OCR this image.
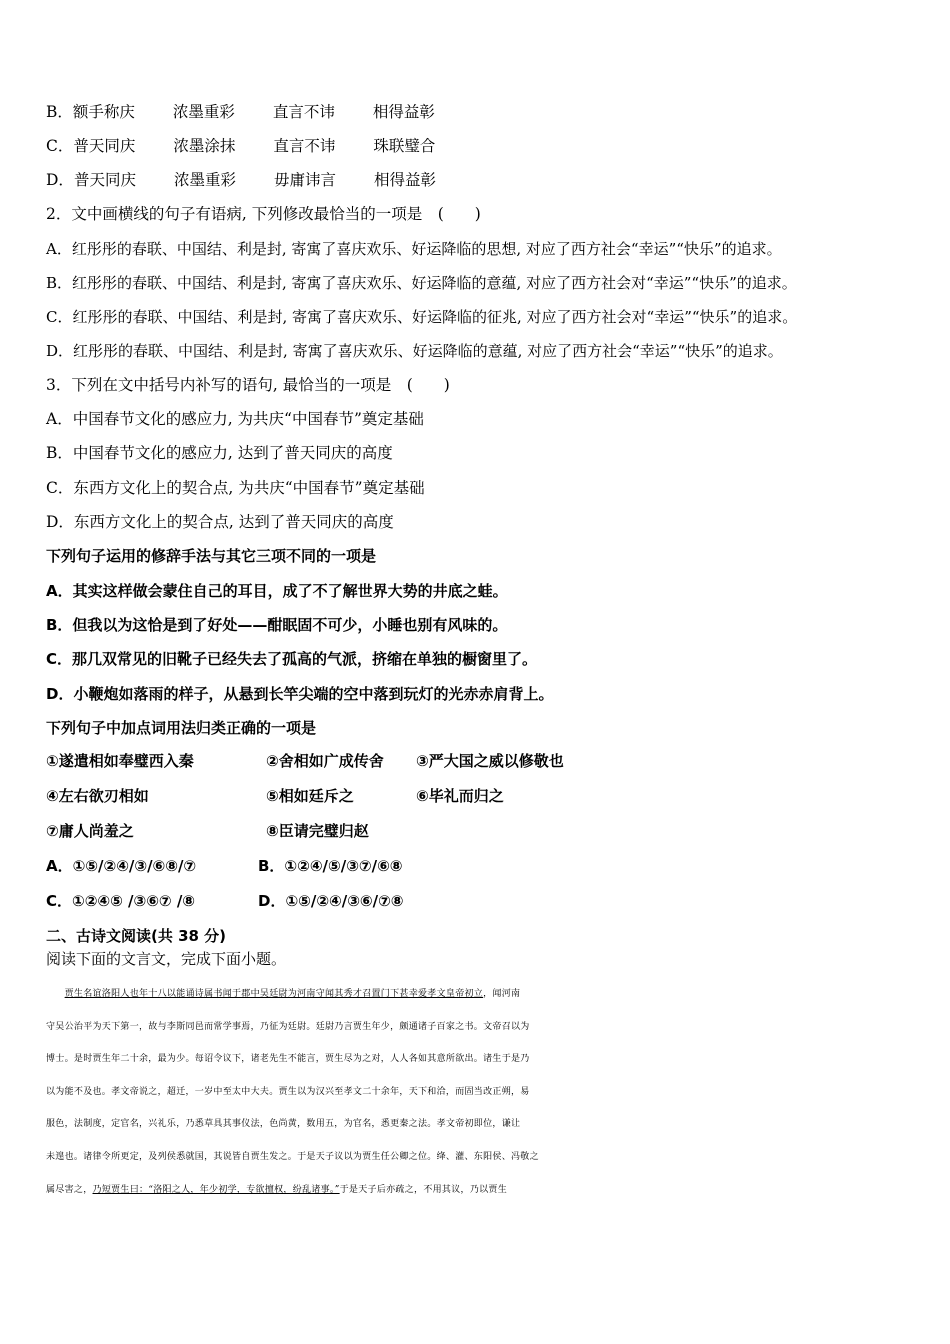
B．额手称庆 浓墨重彩 直言不讳 相得益彰
C．普天同庆 浓墨涂抹 直言不讳 珠联璧合
D．普天同庆 浓墨重彩 毋庸讳言 相得益彰
2．文中画横线的句子有语病, 下列修改最恰当的一项是　(　　)
A．红彤彤的春联、中国结、利是封, 寄寓了喜庆欢乐、好运降临的思想, 对应了西方社会“幸运”“快乐”的追求。
B．红彤彤的春联、中国结、利是封, 寄寓了喜庆欢乐、好运降临的意蕴, 对应了西方社会对“幸运”“快乐”的追求。
C．红彤彤的春联、中国结、利是封, 寄寓了喜庆欢乐、好运降临的征兆, 对应了西方社会对“幸运”“快乐”的追求。
D．红彤彤的春联、中国结、利是封, 寄寓了喜庆欢乐、好运降临的意蕴, 对应了西方社会“幸运”“快乐”的追求。
3．下列在文中括号内补写的语句, 最恰当的一项是　(　　)
A．中国春节文化的感应力, 为共庆“中国春节”奠定基础
B．中国春节文化的感应力, 达到了普天同庆的高度
C．东西方文化上的契合点, 为共庆“中国春节”奠定基础
D．东西方文化上的契合点, 达到了普天同庆的高度
下列句子运用的修辞手法与其它三项不同的一项是
A．其实这样做会蒙住自己的耳目，成了不了解世界大势的井底之蛙。
B．但我以为这恰是到了好处——酣眠固不可少，小睡也别有风味的。
C．那几双常见的旧靴子已经失去了孤高的气派，挤缩在单独的橱窗里了。
D．小鞭炮如落雨的样子，从悬到长竿尖端的空中落到玩灯的光赤赤肩背上。
下列句子中加点词用法归类正确的一项是
①遂遣相如奉璧西入秦	②舍相如广成传舍 ③严大国之威以修敬也
④左右欲刃相如	⑤相如廷斥之	⑥毕礼而归之
⑦庸人尚羞之	⑧臣请完璧归赵
A．①⑤/②④/③/⑥⑧/⑦	B．①②④/⑤/③⑦/⑥⑧
C．①②④⑤ /③⑥⑦ /⑧	D．①⑤/②④/③⑥/⑦⑧
二、古诗文阅读(共 38 分)
阅读下面的文言文，完成下面小题。
　　贾生名谊洛阳人也年十八以能诵诗属书闻于郡中吴廷尉为河南守闻其秀才召置门下甚幸爱孝文皇帝初立，闻河南
守吴公治平为天下第一，故与李斯同邑而常学事焉，乃征为廷尉。廷尉乃言贾生年少，颇通诸子百家之书。文帝召以为
博士。是时贾生年二十余，最为少。每诏令议下，诸老先生不能言，贾生尽为之对，人人各如其意所欲出。诸生于是乃
以为能不及也。孝文帝说之，超迁，一岁中至太中大夫。贾生以为汉兴至孝文二十余年，天下和洽，而固当改正朔，易
服色，法制度，定官名，兴礼乐，乃悉草具其事仪法，色尚黄，数用五，为官名，悉更秦之法。孝文帝初即位，谦让
未遑也。诸律令所更定，及列侯悉就国，其说皆自贾生发之。于是天子议以为贾生任公卿之位。绛、灌、东阳侯、冯敬之
属尽害之，乃短贾生曰：“洛阳之人，年少初学，专欲擅权，纷乱诸事。”于是天子后亦疏之，不用其议，乃以贾生
